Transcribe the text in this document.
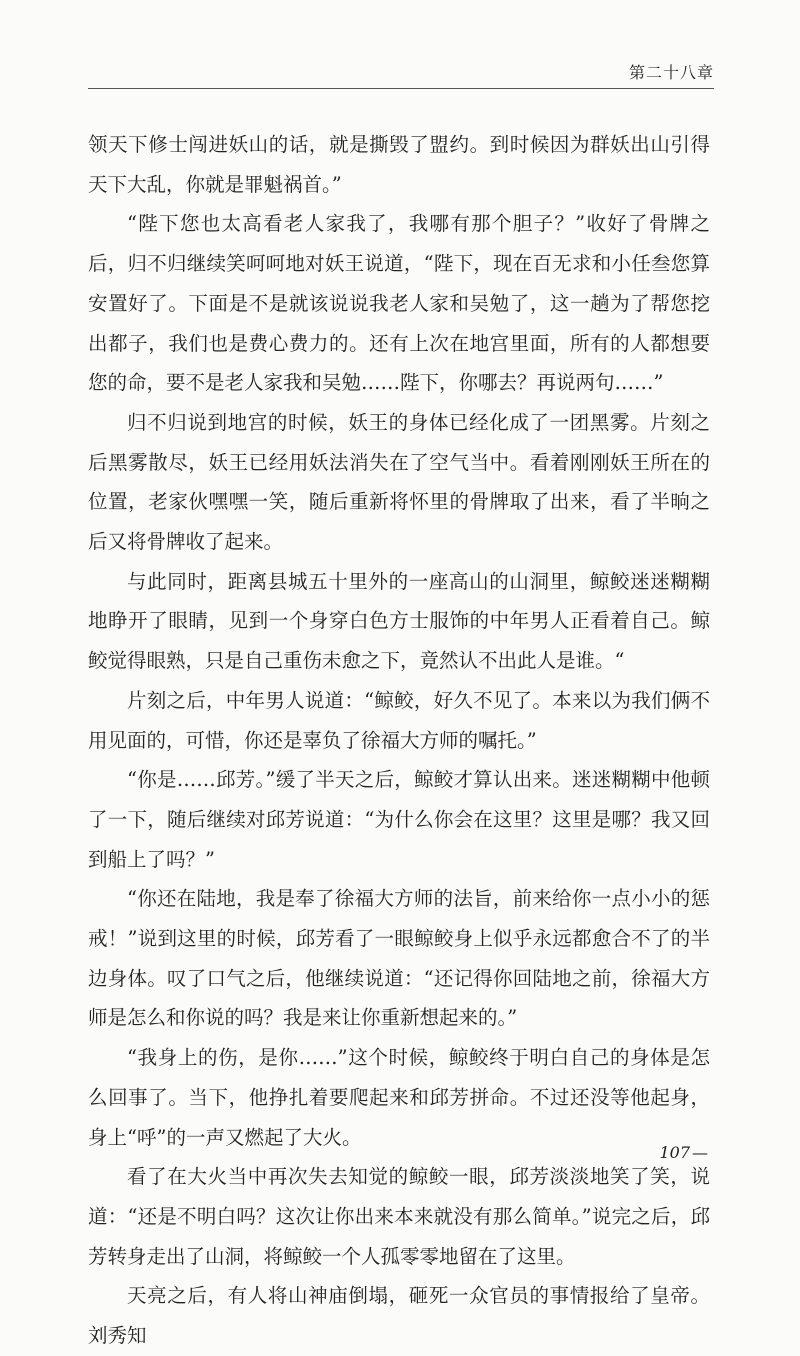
第二十八章

领天下修士闯进妖山的话，就是撕毁了盟约。到时候因为群妖出山引得天下大乱，你就是罪魁祸首。”

“陛下您也太高看老人家我了，我哪有那个胆子？”收好了骨牌之后，归不归继续笑呵呵地对妖王说道，“陛下，现在百无求和小任叁您算安置好了。下面是不是就该说说我老人家和吴勉了，这一趟为了帮您挖出都子，我们也是费心费力的。还有上次在地宫里面，所有的人都想要您的命，要不是老人家我和吴勉……陛下，你哪去？再说两句……”

归不归说到地宫的时候，妖王的身体已经化成了一团黑雾。片刻之后黑雾散尽，妖王已经用妖法消失在了空气当中。看着刚刚妖王所在的位置，老家伙嘿嘿一笑，随后重新将怀里的骨牌取了出来，看了半晌之后又将骨牌收了起来。

与此同时，距离县城五十里外的一座高山的山洞里，鲸鲛迷迷糊糊地睁开了眼睛，见到一个身穿白色方士服饰的中年男人正看着自己。鲸鲛觉得眼熟，只是自己重伤未愈之下，竟然认不出此人是谁。“

片刻之后，中年男人说道：“鲸鲛，好久不见了。本来以为我们俩不用见面的，可惜，你还是辜负了徐福大方师的嘱托。”

“你是……邱芳。”缓了半天之后，鲸鲛才算认出来。迷迷糊糊中他顿了一下，随后继续对邱芳说道：“为什么你会在这里？这里是哪？我又回到船上了吗？”

“你还在陆地，我是奉了徐福大方师的法旨，前来给你一点小小的惩戒！”说到这里的时候，邱芳看了一眼鲸鲛身上似乎永远都愈合不了的半边身体。叹了口气之后，他继续说道：“还记得你回陆地之前，徐福大方师是怎么和你说的吗？我是来让你重新想起来的。”

“我身上的伤，是你……”这个时候，鲸鲛终于明白自己的身体是怎么回事了。当下，他挣扎着要爬起来和邱芳拼命。不过还没等他起身，身上“呼”的一声又燃起了大火。

看了在大火当中再次失去知觉的鲸鲛一眼，邱芳淡淡地笑了笑，说道：“还是不明白吗？这次让你出来本来就没有那么简单。”说完之后，邱芳转身走出了山洞，将鲸鲛一个人孤零零地留在了这里。

天亮之后，有人将山神庙倒塌，砸死一众官员的事情报给了皇帝。刘秀知

107 —
